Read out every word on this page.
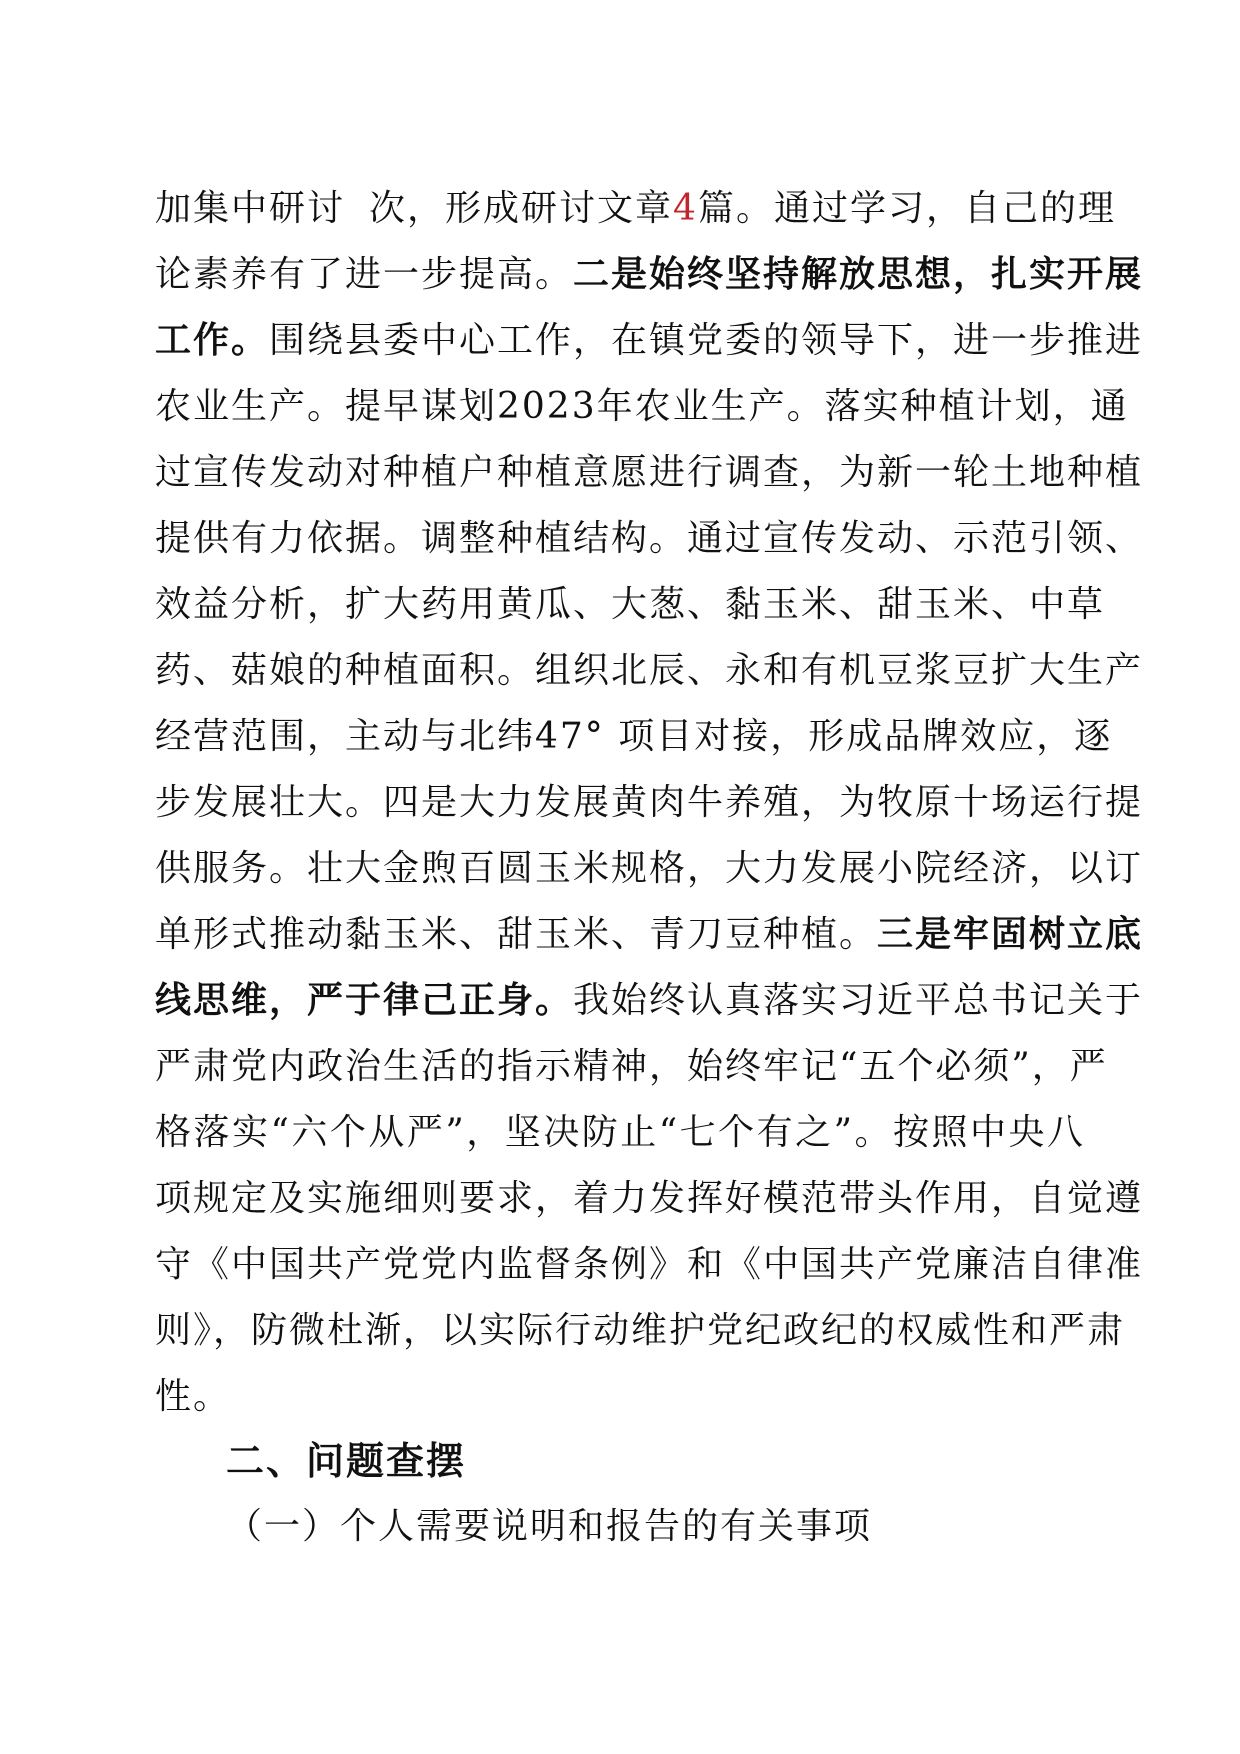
加集中研讨 次，形成研讨文章4篇。通过学习，自己的理
论素养有了进一步提高。二是始终坚持解放思想，扎实开展
工作。围绕县委中心工作，在镇党委的领导下，进一步推进
农业生产。提早谋划2023年农业生产。落实种植计划，通
过宣传发动对种植户种植意愿进行调查，为新一轮土地种植
提供有力依据。调整种植结构。通过宣传发动、示范引领、
效益分析，扩大药用黄瓜、大葱、黏玉米、甜玉米、中草
药、菇娘的种植面积。组织北辰、永和有机豆浆豆扩大生产
经营范围，主动与北纬47° 项目对接，形成品牌效应，逐
步发展壮大。四是大力发展黄肉牛养殖，为牧原十场运行提
供服务。壮大金煦百圆玉米规格，大力发展小院经济，以订
单形式推动黏玉米、甜玉米、青刀豆种植。三是牢固树立底
线思维，严于律己正身。我始终认真落实习近平总书记关于
严肃党内政治生活的指示精神，始终牢记“五个必须”，严
格落实“六个从严”，坚决防止“七个有之”。按照中央八
项规定及实施细则要求，着力发挥好模范带头作用，自觉遵
守《中国共产党党内监督条例》和《中国共产党廉洁自律准
则》，防微杜渐，以实际行动维护党纪政纪的权威性和严肃
性。
二、问题查摆
（一）个人需要说明和报告的有关事项
